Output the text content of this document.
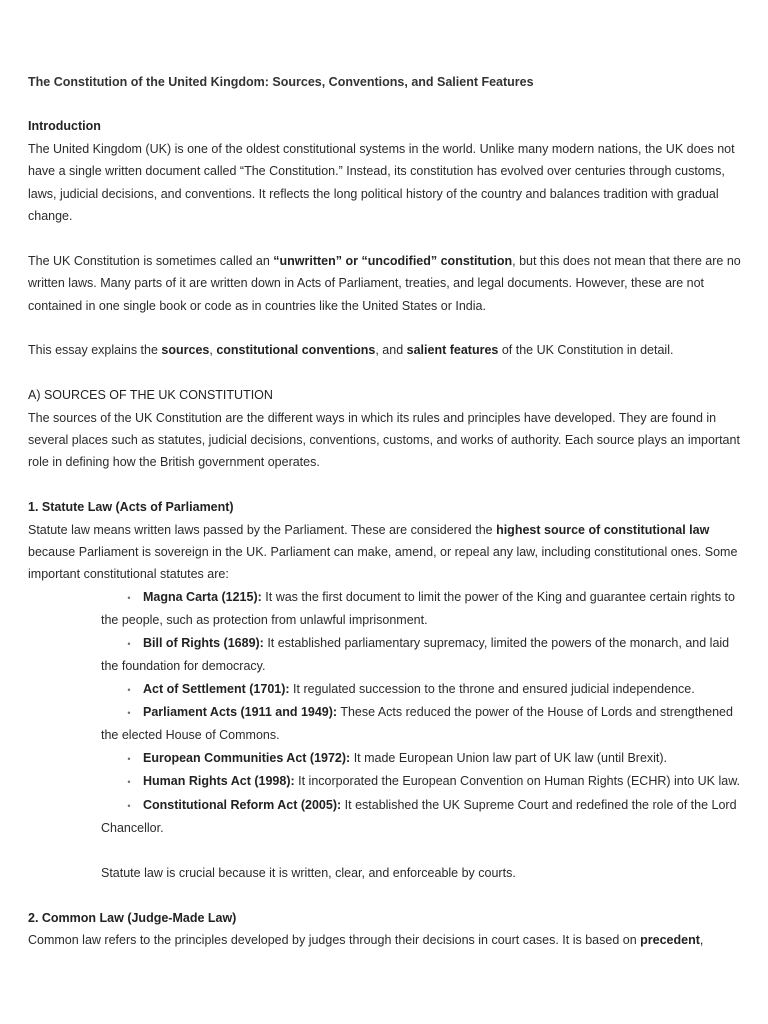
The Constitution of the United Kingdom: Sources, Conventions, and Salient Features

Introduction

The United Kingdom (UK) is one of the oldest constitutional systems in the world. Unlike many modern nations, the UK does not have a single written document called “The Constitution.” Instead, its constitution has evolved over centuries through customs, laws, judicial decisions, and conventions. It reflects the long political history of the country and balances tradition with gradual change.

The UK Constitution is sometimes called an “unwritten” or “uncodified” constitution, but this does not mean that there are no written laws. Many parts of it are written down in Acts of Parliament, treaties, and legal documents. However, these are not contained in one single book or code as in countries like the United States or India.

This essay explains the sources, constitutional conventions, and salient features of the UK Constitution in detail.

A) SOURCES OF THE UK CONSTITUTION

The sources of the UK Constitution are the different ways in which its rules and principles have developed. They are found in several places such as statutes, judicial decisions, conventions, customs, and works of authority. Each source plays an important role in defining how the British government operates.

1. Statute Law (Acts of Parliament)

Statute law means written laws passed by the Parliament. These are considered the highest source of constitutional law because Parliament is sovereign in the UK. Parliament can make, amend, or repeal any law, including constitutional ones. Some important constitutional statutes are:

• Magna Carta (1215): It was the first document to limit the power of the King and guarantee certain rights to the people, such as protection from unlawful imprisonment.
• Bill of Rights (1689): It established parliamentary supremacy, limited the powers of the monarch, and laid the foundation for democracy.
• Act of Settlement (1701): It regulated succession to the throne and ensured judicial independence.
• Parliament Acts (1911 and 1949): These Acts reduced the power of the House of Lords and strengthened the elected House of Commons.
• European Communities Act (1972): It made European Union law part of UK law (until Brexit).
• Human Rights Act (1998): It incorporated the European Convention on Human Rights (ECHR) into UK law.
• Constitutional Reform Act (2005): It established the UK Supreme Court and redefined the role of the Lord Chancellor.

Statute law is crucial because it is written, clear, and enforceable by courts.

2. Common Law (Judge-Made Law)

Common law refers to the principles developed by judges through their decisions in court cases. It is based on precedent,
